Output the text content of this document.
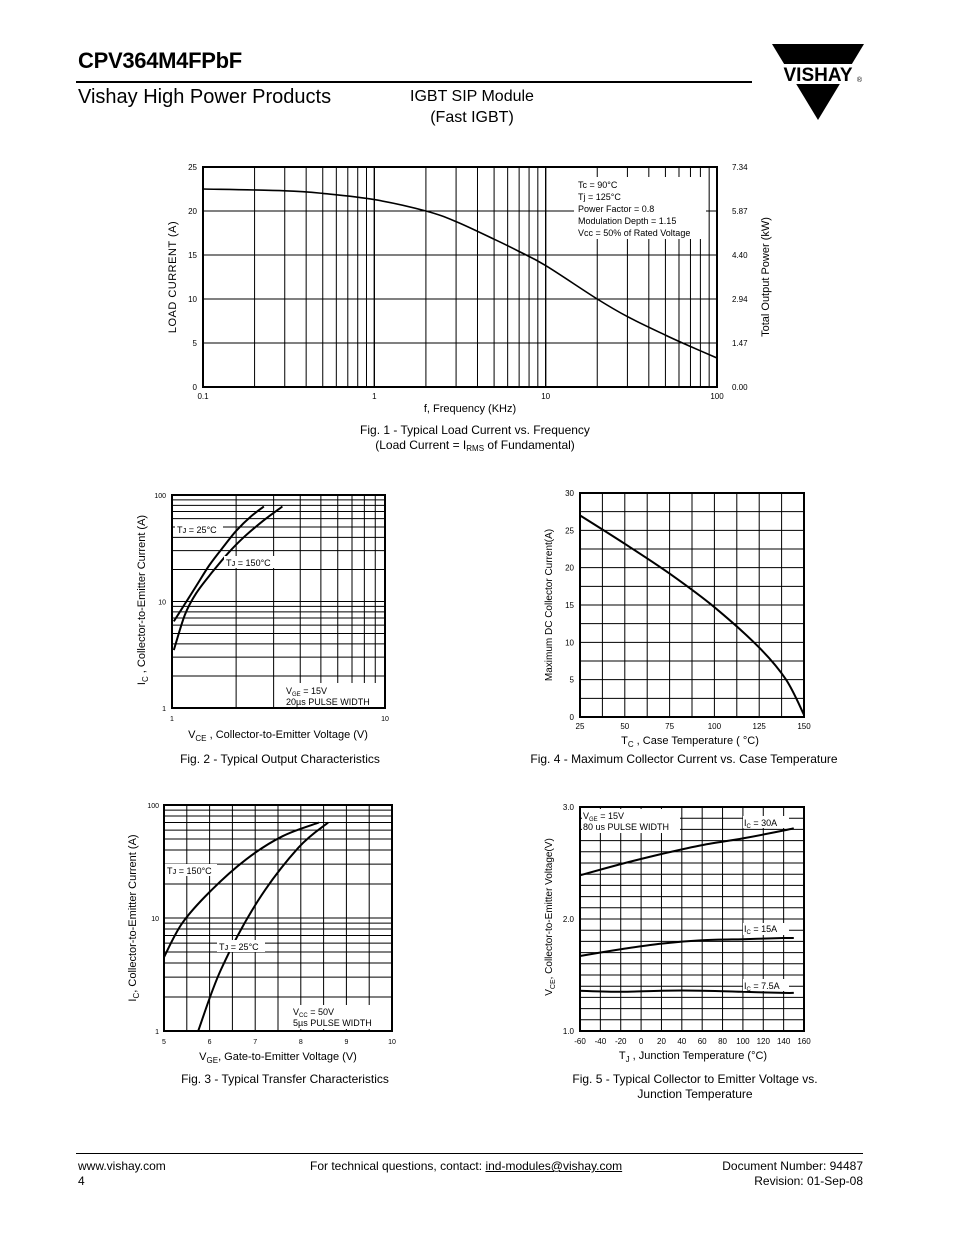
CPV364M4FPbF
Vishay High Power Products	IGBT SIP Module
(Fast IGBT)
VISHAY ®
0.1	1	10	100
0
5
10
15
20
25
0.00
1.47
2.94
4.40
5.87
7.34
Tc = 90°C
Tj = 125°C
Power Factor = 0.8
Modulation Depth = 1.15
Vcc = 50% of Rated Voltage
f, Frequency (KHz)
LOAD CURRENT (A)	Total Output Power (kW)
Fig. 1 - Typical Load Current vs. Frequency
(Load Current = $I_{RMS}$ of Fundamental)
1	10
1
10
100
Tᴊ = 25°C
Tᴊ = 150°C
$V_{GE} = 15V$
20µs PULSE WIDTH
$V_{CE}$ , Collector-to-Emitter Voltage (V)
$I_C$ , Collector-to-Emitter Current (A)
Fig. 2 - Typical Output Characteristics
25	50	75	100	125	150
0
5
10
15
20
25
30
$T_C$ , Case Temperature ( °C)
Maximum DC Collector Current(A)
Fig. 4 - Maximum Collector Current vs. Case Temperature
5	6	7	8	9	10
1
10
100
Tᴊ = 150°C
Tᴊ = 25°C
$V_{CC} = 50V$
5µs PULSE WIDTH
$V_{GE}$, Gate-to-Emitter Voltage (V)
$I_C$, Collector-to-Emitter Current (A)
Fig. 3 - Typical Transfer Characteristics
-60 -40 -20 0 20 40 60 80 100 120 140 160
1.0
2.0
3.0
$V_{GE} = 15V$
80 us PULSE WIDTH	$I_C = 30A$
$I_C = 15A$
$I_C = 7.5A$
$T_J$ , Junction Temperature (°C)
$V_{CE}$, Collector-to-Emitter Voltage(V)
Fig. 5 - Typical Collector to Emitter Voltage vs.
Junction Temperature
www.vishay.com
4
For technical questions, contact: ind-modules@vishay.com	Document Number: 94487
Revision: 01-Sep-08
